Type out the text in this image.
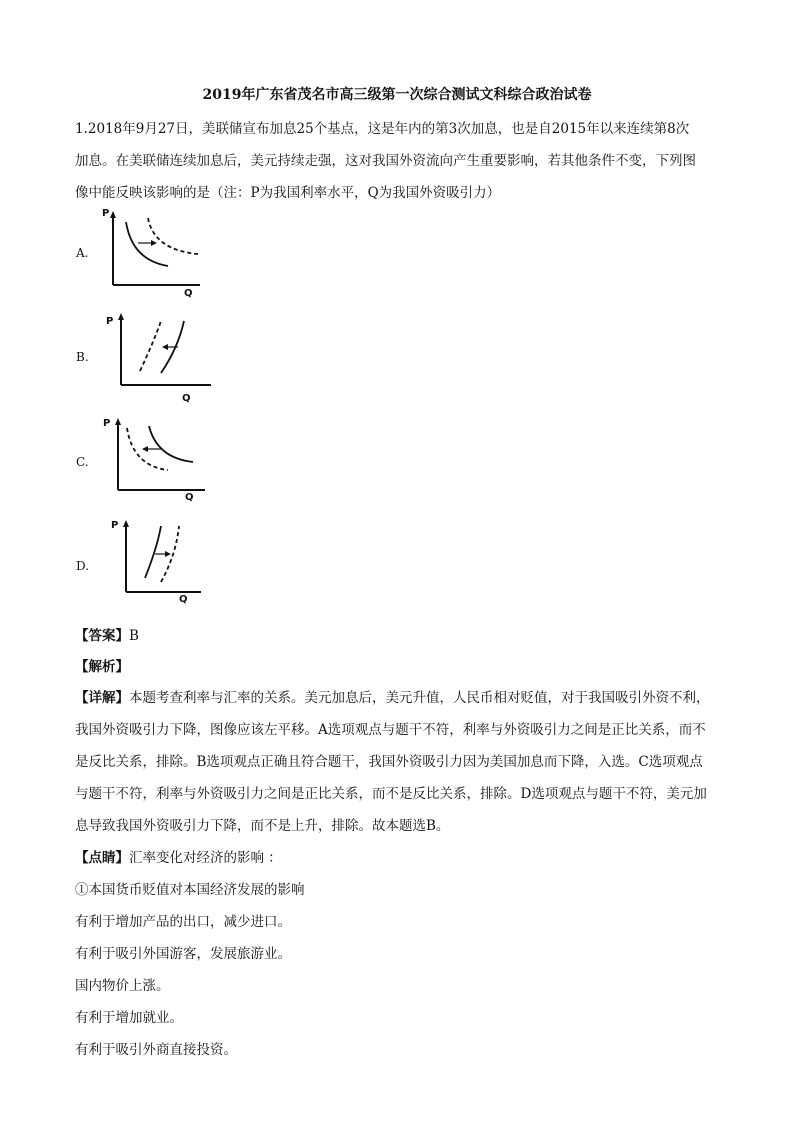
2019年广东省茂名市高三级第一次综合测试文科综合政治试卷
1.2018年9月27日，美联储宣布加息25个基点，这是年内的第3次加息，也是自2015年以来连续第8次
加息。在美联储连续加息后，美元持续走强，这对我国外资流向产生重要影响，若其他条件不变，下列图
像中能反映该影响的是（注：P为我国利率水平，Q为我国外资吸引力）
A.
P
Q
B.
P
Q
C.
P
Q
D.
P
Q
【答案】B
【解析】
【详解】本题考查利率与汇率的关系。美元加息后，美元升值，人民币相对贬值，对于我国吸引外资不利，
我国外资吸引力下降，图像应该左平移。A选项观点与题干不符，利率与外资吸引力之间是正比关系，而不
是反比关系，排除。B选项观点正确且符合题干，我国外资吸引力因为美国加息而下降，入选。C选项观点
与题干不符，利率与外资吸引力之间是正比关系，而不是反比关系，排除。D选项观点与题干不符，美元加
息导致我国外资吸引力下降，而不是上升，排除。故本题选B。
【点睛】汇率变化对经济的影响 ：
①本国货币贬值对本国经济发展的影响
有利于增加产品的出口，减少进口。
有利于吸引外国游客，发展旅游业。
国内物价上涨。
有利于增加就业。
有利于吸引外商直接投资。
